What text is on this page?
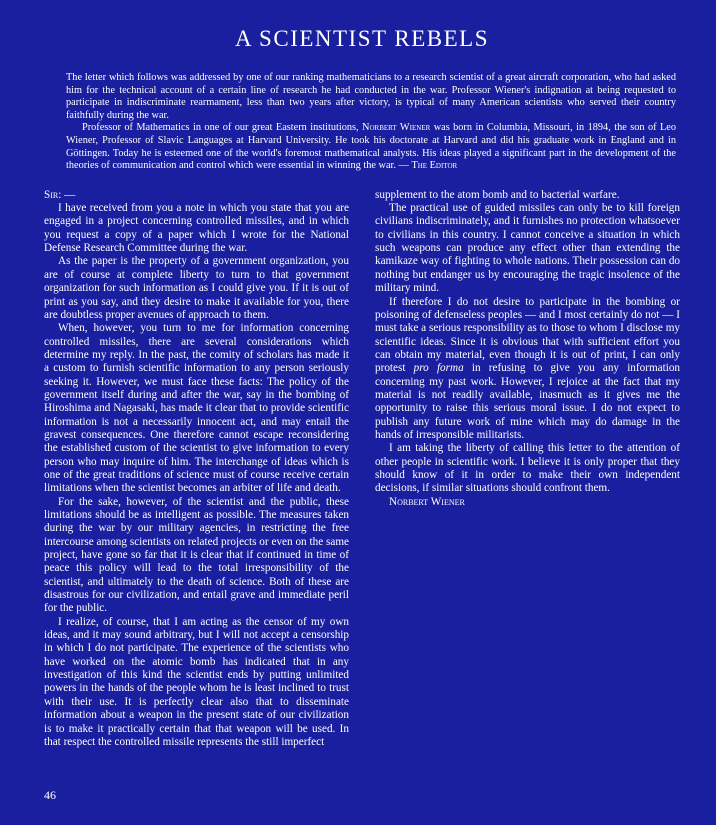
A SCIENTIST REBELS

The letter which follows was addressed by one of our ranking mathematicians to a research scientist of a great aircraft corporation, who had asked him for the technical account of a certain line of research he had conducted in the war. Professor Wiener's indignation at being requested to participate in indiscriminate rearmament, less than two years after victory, is typical of many American scientists who served their country faithfully during the war.

Professor of Mathematics in one of our great Eastern institutions, Norbert Wiener was born in Columbia, Missouri, in 1894, the son of Leo Wiener, Professor of Slavic Languages at Harvard University. He took his doctorate at Harvard and did his graduate work in England and in Göttingen. Today he is esteemed one of the world's foremost mathematical analysts. His ideas played a significant part in the development of the theories of communication and control which were essential in winning the war. — The Editor

Sir: —

I have received from you a note in which you state that you are engaged in a project concerning controlled missiles, and in which you request a copy of a paper which I wrote for the National Defense Research Committee during the war.

As the paper is the property of a government organization, you are of course at complete liberty to turn to that government organization for such information as I could give you. If it is out of print as you say, and they desire to make it available for you, there are doubtless proper avenues of approach to them.

When, however, you turn to me for information concerning controlled missiles, there are several considerations which determine my reply. In the past, the comity of scholars has made it a custom to furnish scientific information to any person seriously seeking it. However, we must face these facts: The policy of the government itself during and after the war, say in the bombing of Hiroshima and Nagasaki, has made it clear that to provide scientific information is not a necessarily innocent act, and may entail the gravest consequences. One therefore cannot escape reconsidering the established custom of the scientist to give information to every person who may inquire of him. The interchange of ideas which is one of the great traditions of science must of course receive certain limitations when the scientist becomes an arbiter of life and death.

For the sake, however, of the scientist and the public, these limitations should be as intelligent as possible. The measures taken during the war by our military agencies, in restricting the free intercourse among scientists on related projects or even on the same project, have gone so far that it is clear that if continued in time of peace this policy will lead to the total irresponsibility of the scientist, and ultimately to the death of science. Both of these are disastrous for our civilization, and entail grave and immediate peril for the public.

I realize, of course, that I am acting as the censor of my own ideas, and it may sound arbitrary, but I will not accept a censorship in which I do not participate. The experience of the scientists who have worked on the atomic bomb has indicated that in any investigation of this kind the scientist ends by putting unlimited powers in the hands of the people whom he is least inclined to trust with their use. It is perfectly clear also that to disseminate information about a weapon in the present state of our civilization is to make it practically certain that that weapon will be used. In that respect the controlled missile represents the still imperfect

supplement to the atom bomb and to bacterial warfare.

The practical use of guided missiles can only be to kill foreign civilians indiscriminately, and it furnishes no protection whatsoever to civilians in this country. I cannot conceive a situation in which such weapons can produce any effect other than extending the kamikaze way of fighting to whole nations. Their possession can do nothing but endanger us by encouraging the tragic insolence of the military mind.

If therefore I do not desire to participate in the bombing or poisoning of defenseless peoples — and I most certainly do not — I must take a serious responsibility as to those to whom I disclose my scientific ideas. Since it is obvious that with sufficient effort you can obtain my material, even though it is out of print, I can only protest pro forma in refusing to give you any information concerning my past work. However, I rejoice at the fact that my material is not readily available, inasmuch as it gives me the opportunity to raise this serious moral issue. I do not expect to publish any future work of mine which may do damage in the hands of irresponsible militarists.

I am taking the liberty of calling this letter to the attention of other people in scientific work. I believe it is only proper that they should know of it in order to make their own independent decisions, if similar situations should confront them.

Norbert Wiener

46
